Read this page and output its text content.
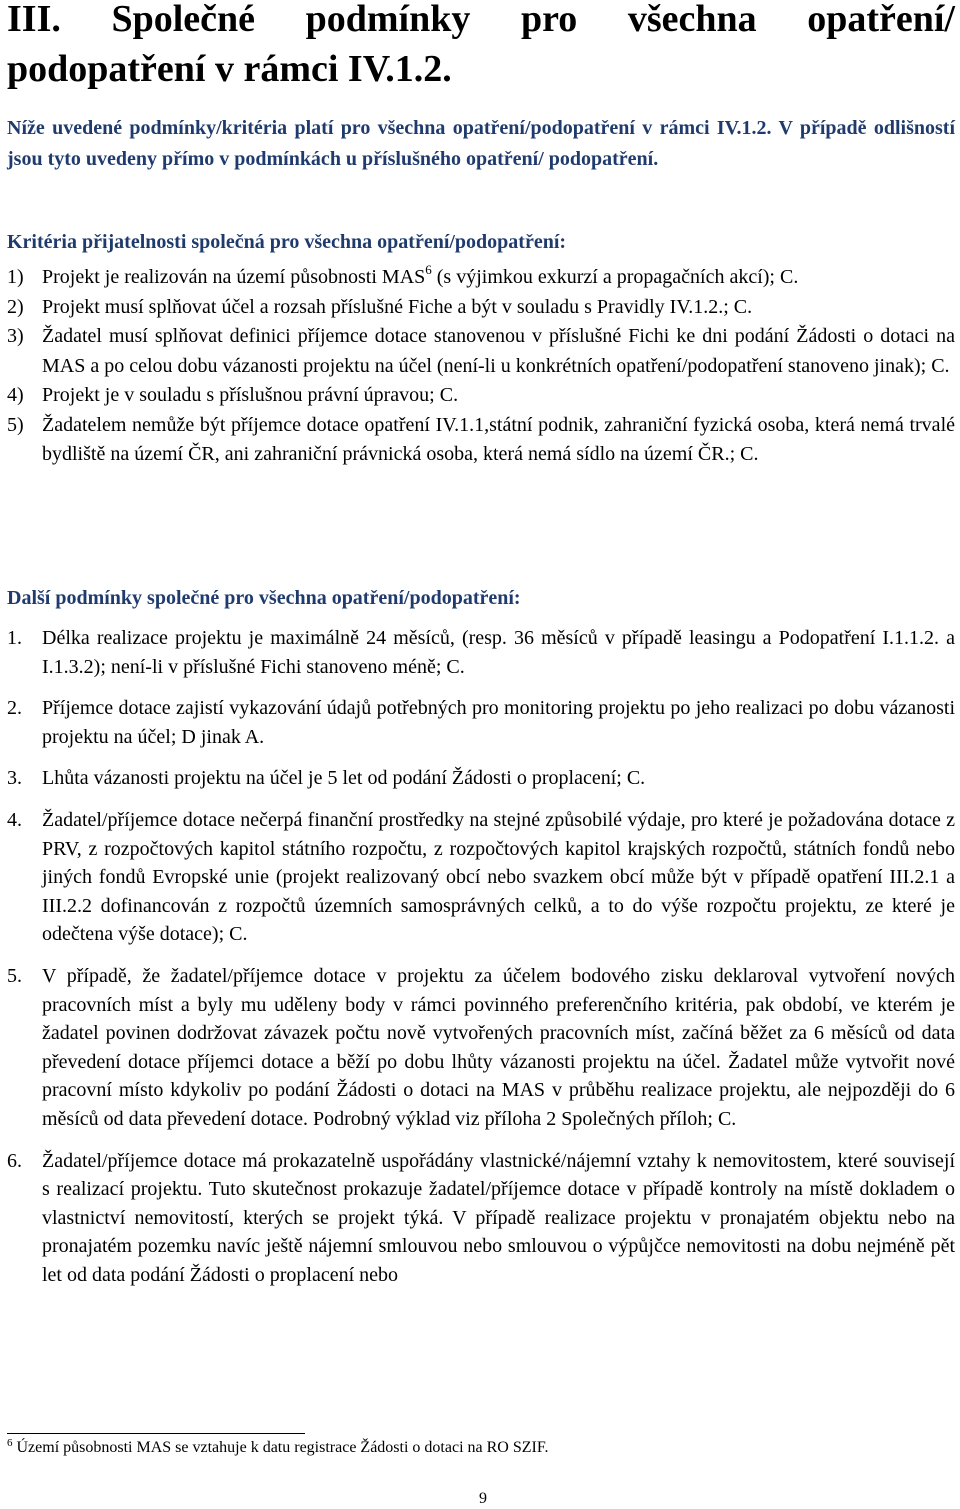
III. Společné podmínky pro všechna opatření/
podopatření v rámci IV.1.2.
Níže uvedené podmínky/kritéria platí pro všechna opatření/podopatření v rámci IV.1.2. V případě odlišností jsou tyto uvedeny přímo v podmínkách u příslušného opatření/ podopatření.
Kritéria přijatelnosti společná pro všechna opatření/podopatření:
1) Projekt je realizován na území působnosti MAS$^6$ (s výjimkou exkurzí a propagačních akcí); C.
2) Projekt musí splňovat účel a rozsah příslušné Fiche a být v souladu s Pravidly IV.1.2.; C.
3) Žadatel musí splňovat definici příjemce dotace stanovenou v příslušné Fichi ke dni podání Žádosti o dotaci na MAS a po celou dobu vázanosti projektu na účel (není-li u konkrétních opatření/podopatření stanoveno jinak); C.
4) Projekt je v souladu s příslušnou právní úpravou; C.
5) Žadatelem nemůže být příjemce dotace opatření IV.1.1,státní podnik, zahraniční fyzická osoba, která nemá trvalé bydliště na území ČR, ani zahraniční právnická osoba, která nemá sídlo na území ČR.; C.
Další podmínky společné pro všechna opatření/podopatření:
1. Délka realizace projektu je maximálně 24 měsíců, (resp. 36 měsíců v případě leasingu a Podopatření I.1.1.2. a I.1.3.2); není-li v příslušné Fichi stanoveno méně; C.
2. Příjemce dotace zajistí vykazování údajů potřebných pro monitoring projektu po jeho realizaci po dobu vázanosti projektu na účel; D jinak A.
3. Lhůta vázanosti projektu na účel je 5 let od podání Žádosti o proplacení; C.
4. Žadatel/příjemce dotace nečerpá finanční prostředky na stejné způsobilé výdaje, pro které je požadována dotace z PRV, z rozpočtových kapitol státního rozpočtu, z rozpočtových kapitol krajských rozpočtů, státních fondů nebo jiných fondů Evropské unie (projekt realizovaný obcí nebo svazkem obcí může být v případě opatření III.2.1 a III.2.2 dofinancován z rozpočtů územních samosprávných celků, a to do výše rozpočtu projektu, ze které je odečtena výše dotace); C.
5. V případě, že žadatel/příjemce dotace v projektu za účelem bodového zisku deklaroval vytvoření nových pracovních míst a byly mu uděleny body v rámci povinného preferenčního kritéria, pak období, ve kterém je žadatel povinen dodržovat závazek počtu nově vytvořených pracovních míst, začíná běžet za 6 měsíců od data převedení dotace příjemci dotace a běží po dobu lhůty vázanosti projektu na účel. Žadatel může vytvořit nové pracovní místo kdykoliv po podání Žádosti o dotaci na MAS v průběhu realizace projektu, ale nejpozději do 6 měsíců od data převedení dotace. Podrobný výklad viz příloha 2 Společných příloh; C.
6. Žadatel/příjemce dotace má prokazatelně uspořádány vlastnické/nájemní vztahy k nemovitostem, které souvisejí s realizací projektu. Tuto skutečnost prokazuje žadatel/příjemce dotace v případě kontroly na místě dokladem o vlastnictví nemovitostí, kterých se projekt týká. V případě realizace projektu v pronajatém objektu nebo na pronajatém pozemku navíc ještě nájemní smlouvou nebo smlouvou o výpůjčce nemovitosti na dobu nejméně pět let od data podání Žádosti o proplacení nebo
$^6$ Území působnosti MAS se vztahuje k datu registrace Žádosti o dotaci na RO SZIF.
9
